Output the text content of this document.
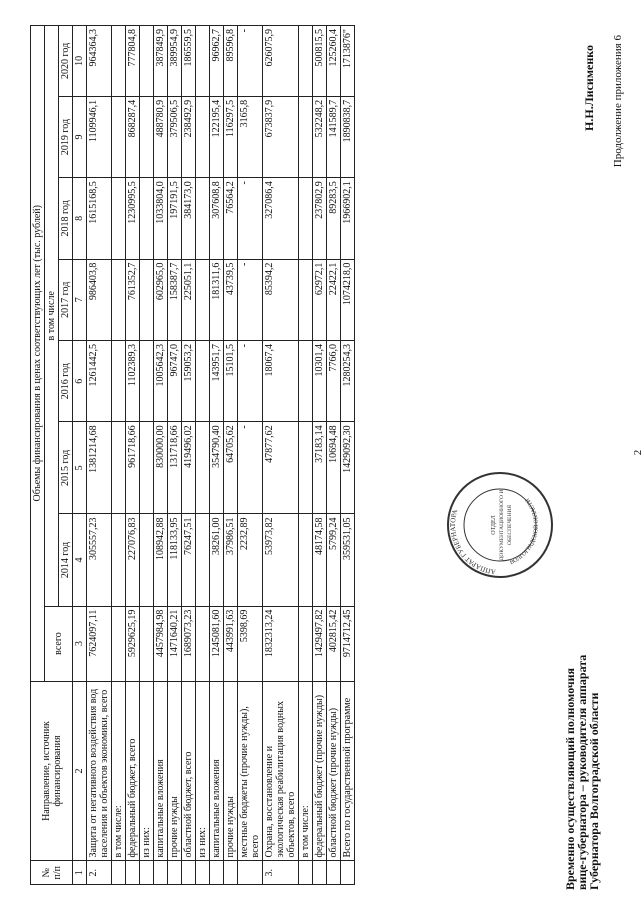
2
Продолжение приложения 6
№ п/п	Направление, источник финансирования	Объемы финансирования в ценах соответствующих лет (тыс. рублей)							
		всего	в том числе						
			2014 год	2015 год	2016 год	2017 год	2018 год	2019 год	2020 год
1	2	3	4	5	6	7	8	9	10
2.	Защита от негативного воздействия вод населения и объектов экономики, всего	7624097,11	305557,23	1381214,68	1261442,5	986403,8	1615168,5	1109946,1	964364,3
	в том числе:								
	федеральный бюджет, всего	5929625,19	227076,83	961718,66	1102389,3	761352,7	1230995,5	868287,4	777804,8
	из них:								
	капитальные вложения	4457984,98	108942,88	830000,00	1005642,3	602965,0	1033804,0	488780,9	387849,9
	прочие нужды	1471640,21	118133,95	131718,66	96747,0	158387,7	197191,5	379506,5	389954,9
	областной бюджет, всего	1689073,23	76247,51	419496,02	159053,2	225051,1	384173,0	238492,9	186559,5
	из них:								
	капитальные вложения	1245081,60	38261,00	354790,40	143951,7	181311,6	307608,8	122195,4	96962,7
	прочие нужды	443991,63	37986,51	64705,62	15101,5	43739,5	76564,2	116297,5	89596,8
	местные бюджеты (прочие нужды), всего	5398,69	2232,89	-	-	-	-	3165,8	-
3.	Охрана, восстановление и экологическая реабилитация водных объектов, всего	1832313,24	53973,82	47877,62	18067,4	85394,2	327086,4	673837,9	626075,9
	в том числе:								
	федеральный бюджет (прочие нужды)	1429497,82	48174,58	37183,14	10301,4	62972,1	237802,9	532248,2	500815,5
	областной бюджет (прочие нужды)	402815,42	5799,24	10694,48	7766,0	22422,1	89283,5	141589,7	125260,4
	Всего по государственной программе	9714712,45	359531,05	1429092,30	1280254,3	1074218,0	1966902,1	1890838,7	1713876"
Временно осуществляющий полномочия
вице-губернатора – руководителя аппарата
Губернатора Волгоградской области
Н.Н.Лисименко
ОТДЕЛ ДОКУМЕНТАЦИОННОГО И ОБЕСПЕЧЕНИЯ
АППАРАТ ГУБЕРНАТОРА
ВОЛГОГРАДСКОЙ ОБЛАСТИ
